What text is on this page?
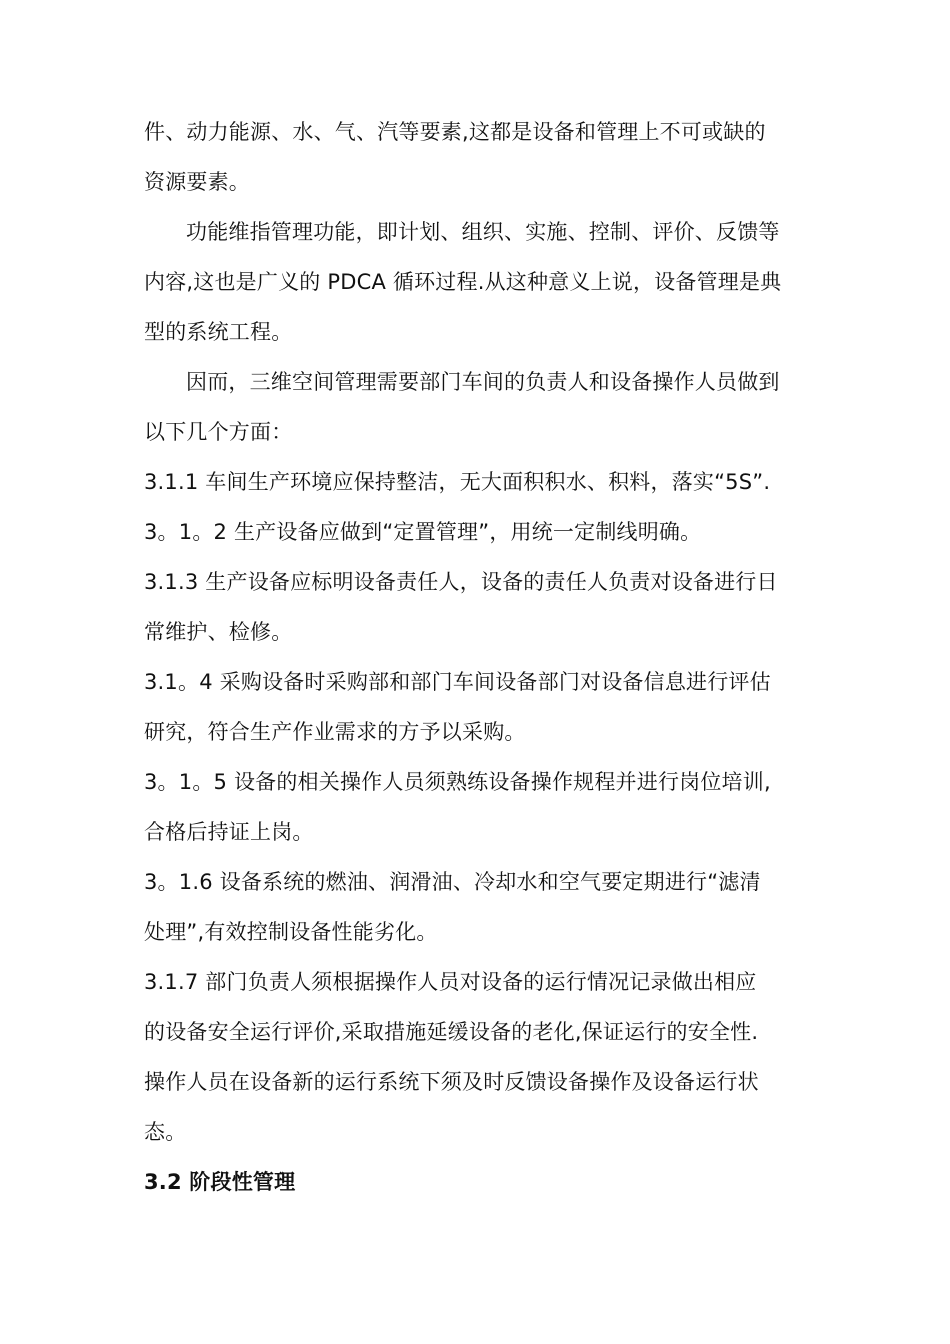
件、动力能源、水、气、汽等要素,这都是设备和管理上不可或缺的
资源要素。
功能维指管理功能，即计划、组织、实施、控制、评价、反馈等
内容,这也是广义的 PDCA 循环过程.从这种意义上说，设备管理是典
型的系统工程。
因而，三维空间管理需要部门车间的负责人和设备操作人员做到
以下几个方面：
3.1.1 车间生产环境应保持整洁，无大面积积水、积料，落实“5S”.
3。1。2 生产设备应做到“定置管理”，用统一定制线明确。
3.1.3 生产设备应标明设备责任人，设备的责任人负责对设备进行日
常维护、检修。
3.1。4 采购设备时采购部和部门车间设备部门对设备信息进行评估
研究，符合生产作业需求的方予以采购。
3。1。5 设备的相关操作人员须熟练设备操作规程并进行岗位培训,
合格后持证上岗。
3。1.6 设备系统的燃油、润滑油、冷却水和空气要定期进行“滤清
处理”,有效控制设备性能劣化。
3.1.7 部门负责人须根据操作人员对设备的运行情况记录做出相应
的设备安全运行评价,采取措施延缓设备的老化,保证运行的安全性.
操作人员在设备新的运行系统下须及时反馈设备操作及设备运行状
态。
3.2 阶段性管理
